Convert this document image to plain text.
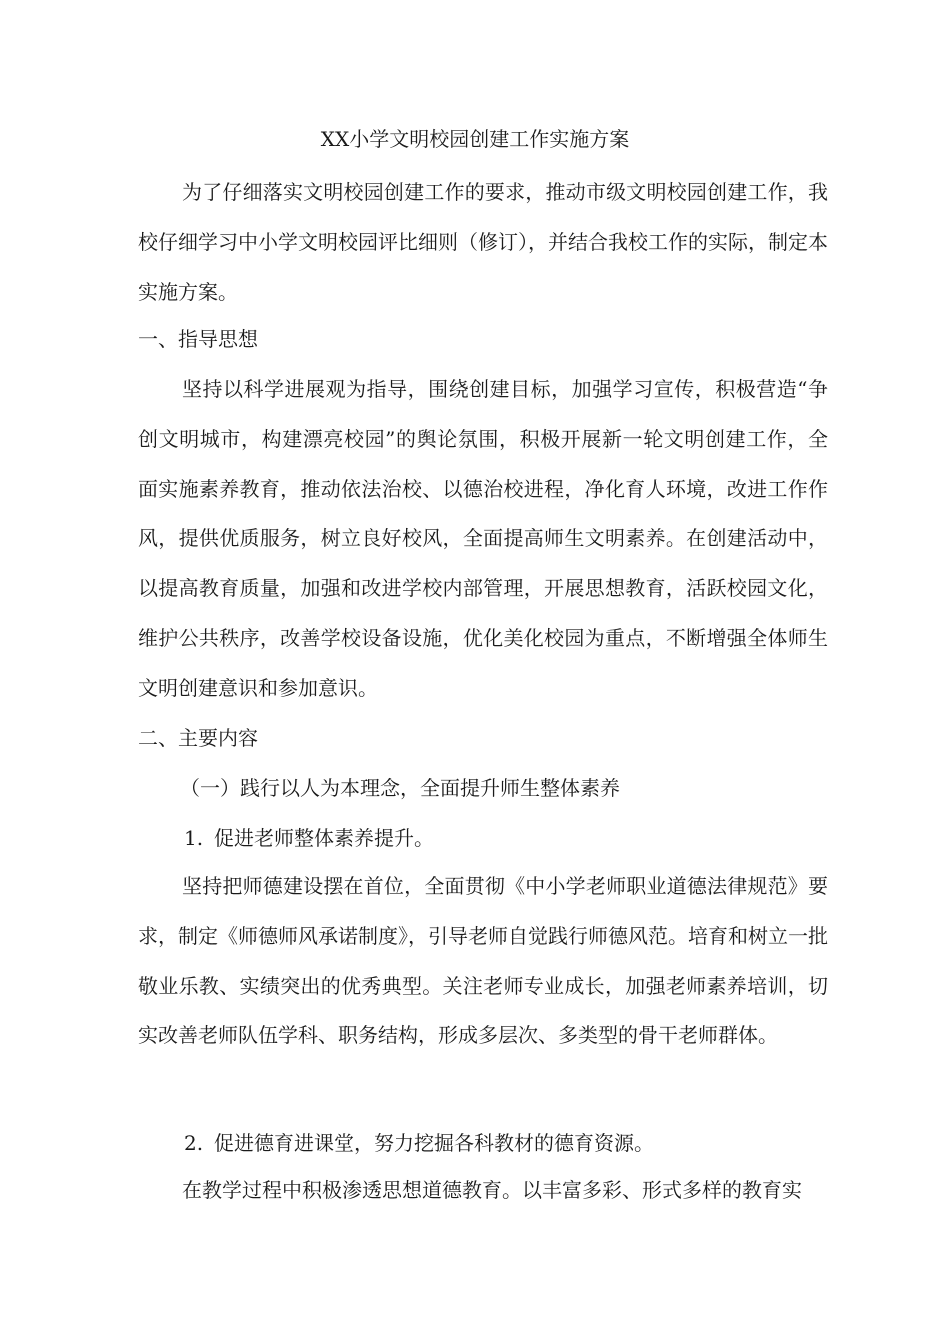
XX小学文明校园创建工作实施方案
为了仔细落实文明校园创建工作的要求，推动市级文明校园创建工作，我校仔细学习中小学文明校园评比细则（修订），并结合我校工作的实际，制定本实施方案。
一、指导思想
坚持以科学进展观为指导，围绕创建目标，加强学习宣传，积极营造“争创文明城市，构建漂亮校园”的舆论氛围，积极开展新一轮文明创建工作，全面实施素养教育，推动依法治校、以德治校进程，净化育人环境，改进工作作风，提供优质服务，树立良好校风，全面提高师生文明素养。在创建活动中，以提高教育质量，加强和改进学校内部管理，开展思想教育，活跃校园文化，维护公共秩序，改善学校设备设施，优化美化校园为重点，不断增强全体师生文明创建意识和参加意识。
二、主要内容
（一）践行以人为本理念，全面提升师生整体素养
1. 促进老师整体素养提升。
坚持把师德建设摆在首位，全面贯彻《中小学老师职业道德法律规范》要求，制定《师德师风承诺制度》，引导老师自觉践行师德风范。培育和树立一批敬业乐教、实绩突出的优秀典型。关注老师专业成长，加强老师素养培训，切实改善老师队伍学科、职务结构，形成多层次、多类型的骨干老师群体。
2. 促进德育进课堂，努力挖掘各科教材的德育资源。
在教学过程中积极渗透思想道德教育。以丰富多彩、形式多样的教育实
